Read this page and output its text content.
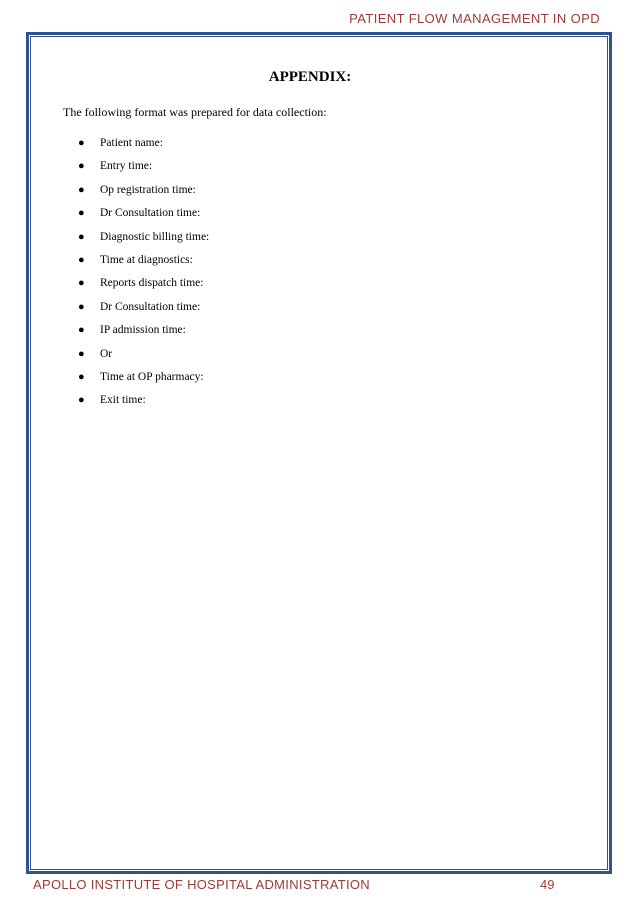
PATIENT FLOW MANAGEMENT IN OPD
APPENDIX:
The following format was prepared for data collection:
● Patient name:
● Entry time:
● Op registration time:
● Dr Consultation time:
● Diagnostic billing time:
● Time at diagnostics:
● Reports dispatch time:
● Dr Consultation time:
● IP admission time:
● Or
● Time at OP pharmacy:
● Exit time:
APOLLO INSTITUTE OF HOSPITAL ADMINISTRATION	49
